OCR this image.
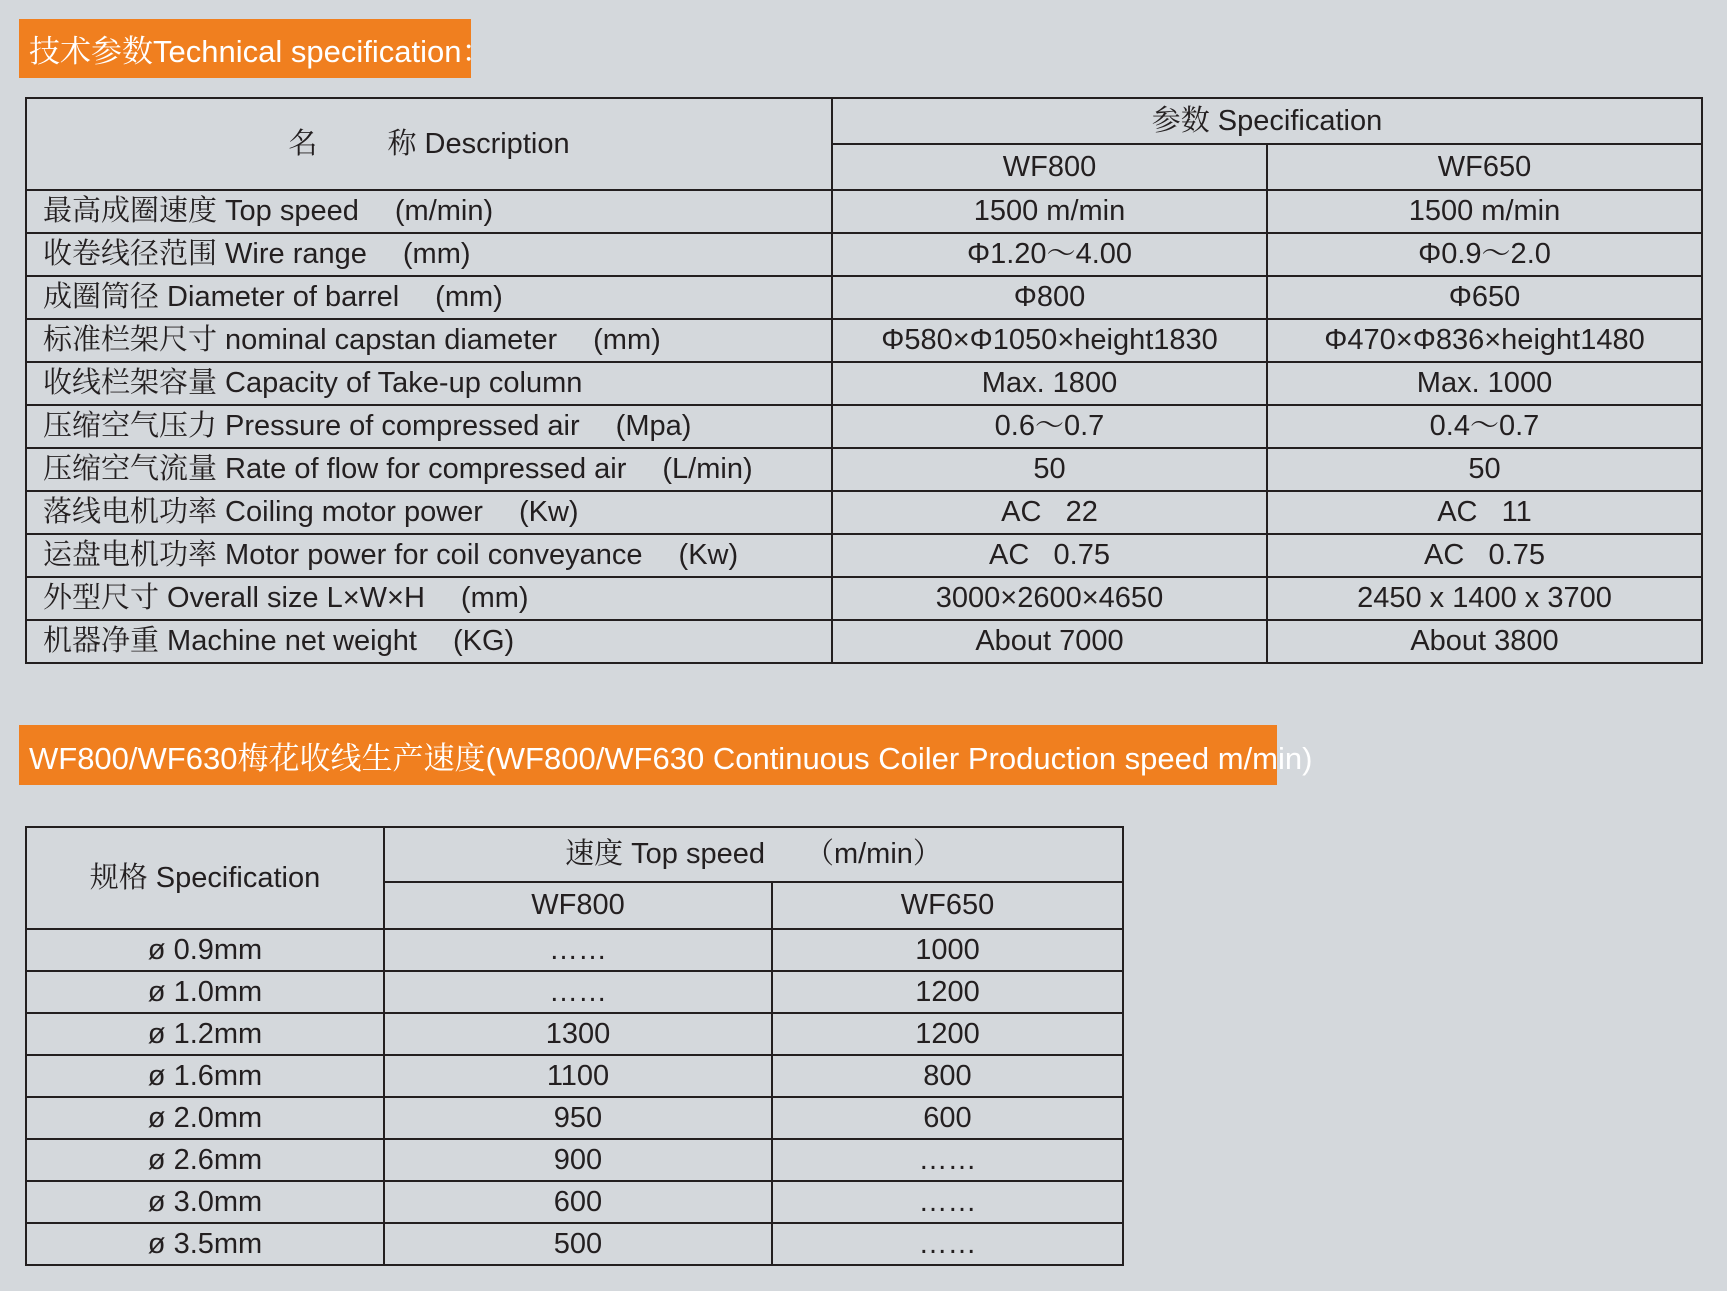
技术参数Technical specification：
名 称 Description	参数 Specification	
	WF800	WF650
最高成圈速度 Top speed (m/min)	1500 m/min	1500 m/min
收卷线径范围 Wire range (mm)	Φ1.20～4.00	Φ0.9～2.0
成圈筒径 Diameter of barrel (mm)	Φ800	Φ650
标准栏架尺寸 nominal capstan diameter (mm)	Φ580×Φ1050×height1830	Φ470×Φ836×height1480
收线栏架容量 Capacity of Take-up column	Max. 1800	Max. 1000
压缩空气压力 Pressure of compressed air (Mpa)	0.6～0.7	0.4～0.7
压缩空气流量 Rate of flow for compressed air (L/min)	50	50
落线电机功率 Coiling motor power (Kw)	AC   22	AC   11
运盘电机功率 Motor power for coil conveyance (Kw)	AC   0.75	AC   0.75
外型尺寸 Overall size L×W×H (mm)	3000×2600×4650	2450 x 1400 x 3700
机器净重 Machine net weight (KG)	About 7000	About 3800
WF800/WF630梅花收线生产速度(WF800/WF630 Continuous Coiler Production speed m/min)
规格 Specification	速度 Top speed （m/min）	
	WF800	WF650
ø 0.9mm	……	1000
ø 1.0mm	……	1200
ø 1.2mm	1300	1200
ø 1.6mm	1100	800
ø 2.0mm	950	600
ø 2.6mm	900	……
ø 3.0mm	600	……
ø 3.5mm	500	……
